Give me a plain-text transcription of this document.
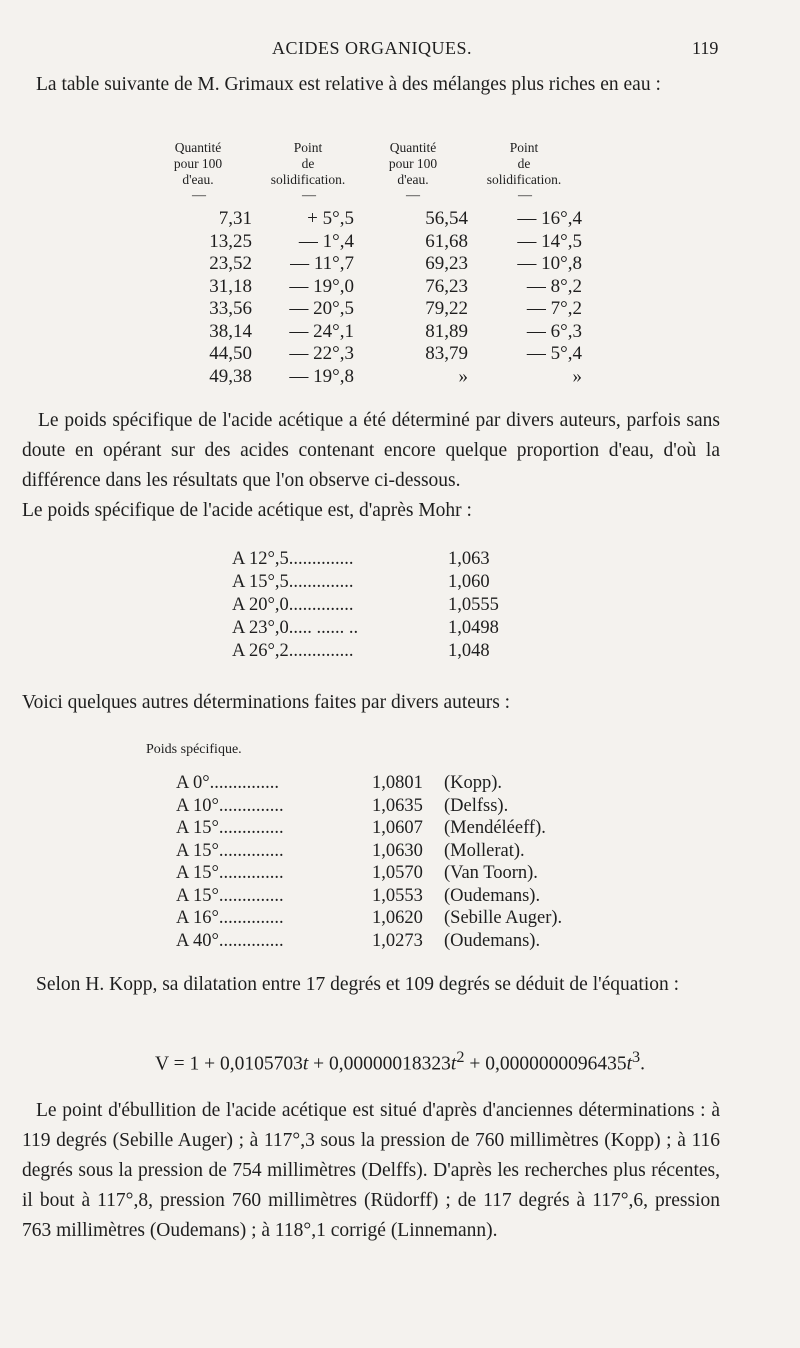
ACIDES ORGANIQUES.	119

La table suivante de M. Grimaux est relative à des mélanges plus riches en eau :

Quantité
pour 100
d'eau.
Point
de
solidification.
Quantité
pour 100
d'eau.
Point
de
solidification.
—	—	—	—
7,31	+ 5°,5	56,54	— 16°,4
13,25	— 1°,4	61,68	— 14°,5
23,52	— 11°,7	69,23	— 10°,8
31,18	— 19°,0	76,23	— 8°,2
33,56	— 20°,5	79,22	— 7°,2
38,14	— 24°,1	81,89	— 6°,3
44,50	— 22°,3	83,79	— 5°,4
49,38	— 19°,8	»	»
Le poids spécifique de l'acide acétique a été déterminé par divers auteurs, parfois sans doute en opérant sur des acides contenant encore quelque proportion d'eau, d'où la différence dans les résultats que l'on observe ci-dessous.
Le poids spécifique de l'acide acétique est, d'après Mohr :
A 12°,5..............	1,063
A 15°,5..............	1,060
A 20°,0..............	1,0555
A 23°,0..... ...... ..	1,0498
A 26°,2..............	1,048
Voici quelques autres déterminations faites par divers auteurs :
Poids spécifique.
A 0°...............	1,0801 (Kopp).
A 10°..............	1,0635 (Delfss).
A 15°..............	1,0607 (Mendéléeff).
A 15°..............	1,0630 (Mollerat).
A 15°..............	1,0570 (Van Toorn).
A 15°..............	1,0553 (Oudemans).
A 16°..............	1,0620 (Sebille Auger).
A 40°..............	1,0273 (Oudemans).
Selon H. Kopp, sa dilatation entre 17 degrés et 109 degrés se déduit de l'équation :
$V = 1 + 0,0105703t + 0,00000018323t^2 + 0,0000000096435t^3$.
Le point d'ébullition de l'acide acétique est situé d'après d'anciennes déterminations : à 119 degrés (Sebille Auger) ; à 117°,3 sous la pression de 760 millimètres (Kopp) ; à 116 degrés sous la pression de 754 millimètres (Delffs). D'après les recherches plus récentes, il bout à 117°,8, pression 760 millimètres (Rüdorff) ; de 117 degrés à 117°,6, pression 763 millimètres (Oudemans) ; à 118°,1 corrigé (Linnemann).
